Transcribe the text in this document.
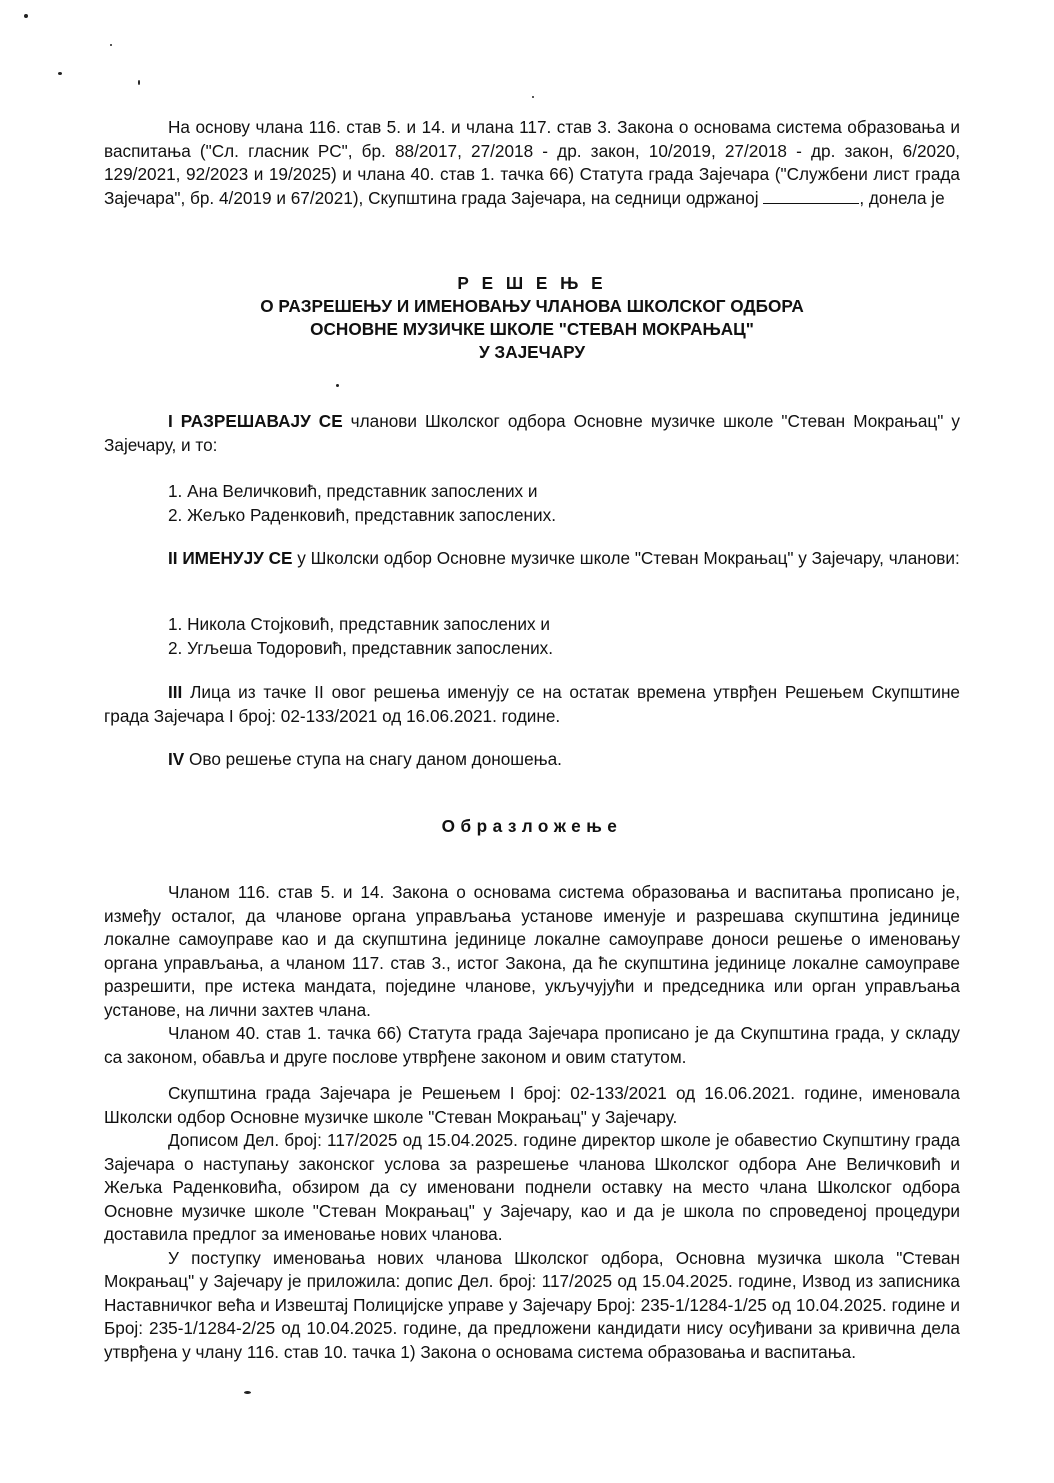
На основу члана 116. став 5. и 14. и члана 117. став 3. Закона о основама система образовања и васпитања ("Сл. гласник РС", бр. 88/2017, 27/2018 - др. закон, 10/2019, 27/2018 - др. закон, 6/2020, 129/2021, 92/2023 и 19/2025) и члана 40. став 1. тачка 66) Статута града Зајечара ("Службени лист града Зајечара", бр. 4/2019 и 67/2021), Скупштина града Зајечара, на седници одржаној	, донела је

Р Е Ш Е Њ Е
О РАЗРЕШЕЊУ И ИМЕНОВАЊУ ЧЛАНОВА ШКОЛСКОГ ОДБОРА
ОСНОВНЕ МУЗИЧКЕ ШКОЛЕ "СТЕВАН МОКРАЊАЦ"
У ЗАЈЕЧАРУ

I РАЗРЕШАВАЈУ СЕ чланови Школског одбора Основне музичке школе "Стеван Мокрањац" у Зајечару, и то:

1. Ана Величковић, представник запослених и
2. Жељко Раденковић, представник запослених.

II ИМЕНУЈУ СЕ у Школски одбор Основне музичке школе "Стеван Мокрањац" у Зајечару, чланови:

1. Никола Стојковић, представник запослених и
2. Угљеша Тодоровић, представник запослених.

III Лица из тачке II овог решења именују се на остатак времена утврђен Решењем Скупштине града Зајечара I број: 02-133/2021 од 16.06.2021. године.

IV Ово решење ступа на снагу даном доношења.

Образложење

Чланом 116. став 5. и 14. Закона о основама система образовања и васпитања прописано је, између осталог, да чланове органа управљања установе именује и разрешава скупштина јединице локалне самоуправе као и да скупштина јединице локалне самоуправе доноси решење о именовању органа управљања, а чланом 117. став 3., истог Закона, да ће скупштина јединице локалне самоуправе разрешити, пре истека мандата, поједине чланове, укључујући и председника или орган управљања установе, на лични захтев члана.

Чланом 40. став 1. тачка 66) Статута града Зајечара прописано је да Скупштина града, у складу са законом, обавља и друге послове утврђене законом и овим статутом.

Скупштина града Зајечара је Решењем I број: 02-133/2021 од 16.06.2021. године, именовала Школски одбор Основне музичке школе "Стеван Мокрањац" у Зајечару.

Дописом Дел. број: 117/2025 од 15.04.2025. године директор школе је обавестио Скупштину града Зајечара о наступању законског услова за разрешење чланова Школског одбора Ане Величковић и Жељка Раденковића, обзиром да су именовани поднели оставку на место члана Школског одбора Основне музичке школе "Стеван Мокрањац" у Зајечару, као и да је школа по спроведеној процедури доставила предлог за именовање нових чланова.

У поступку именовања нових чланова Школског одбора, Основна музичка школа "Стеван Мокрањац" у Зајечару је приложила: допис Дел. број: 117/2025 од 15.04.2025. године, Извод из записника Наставничког већа и Извештај Полицијске управе у Зајечару Број: 235-1/1284-1/25 од 10.04.2025. године и Број: 235-1/1284-2/25 од 10.04.2025. године, да предложени кандидати нису осуђивани за кривична дела утврђена у члану 116. став 10. тачка 1) Закона о основама система образовања и васпитања.
